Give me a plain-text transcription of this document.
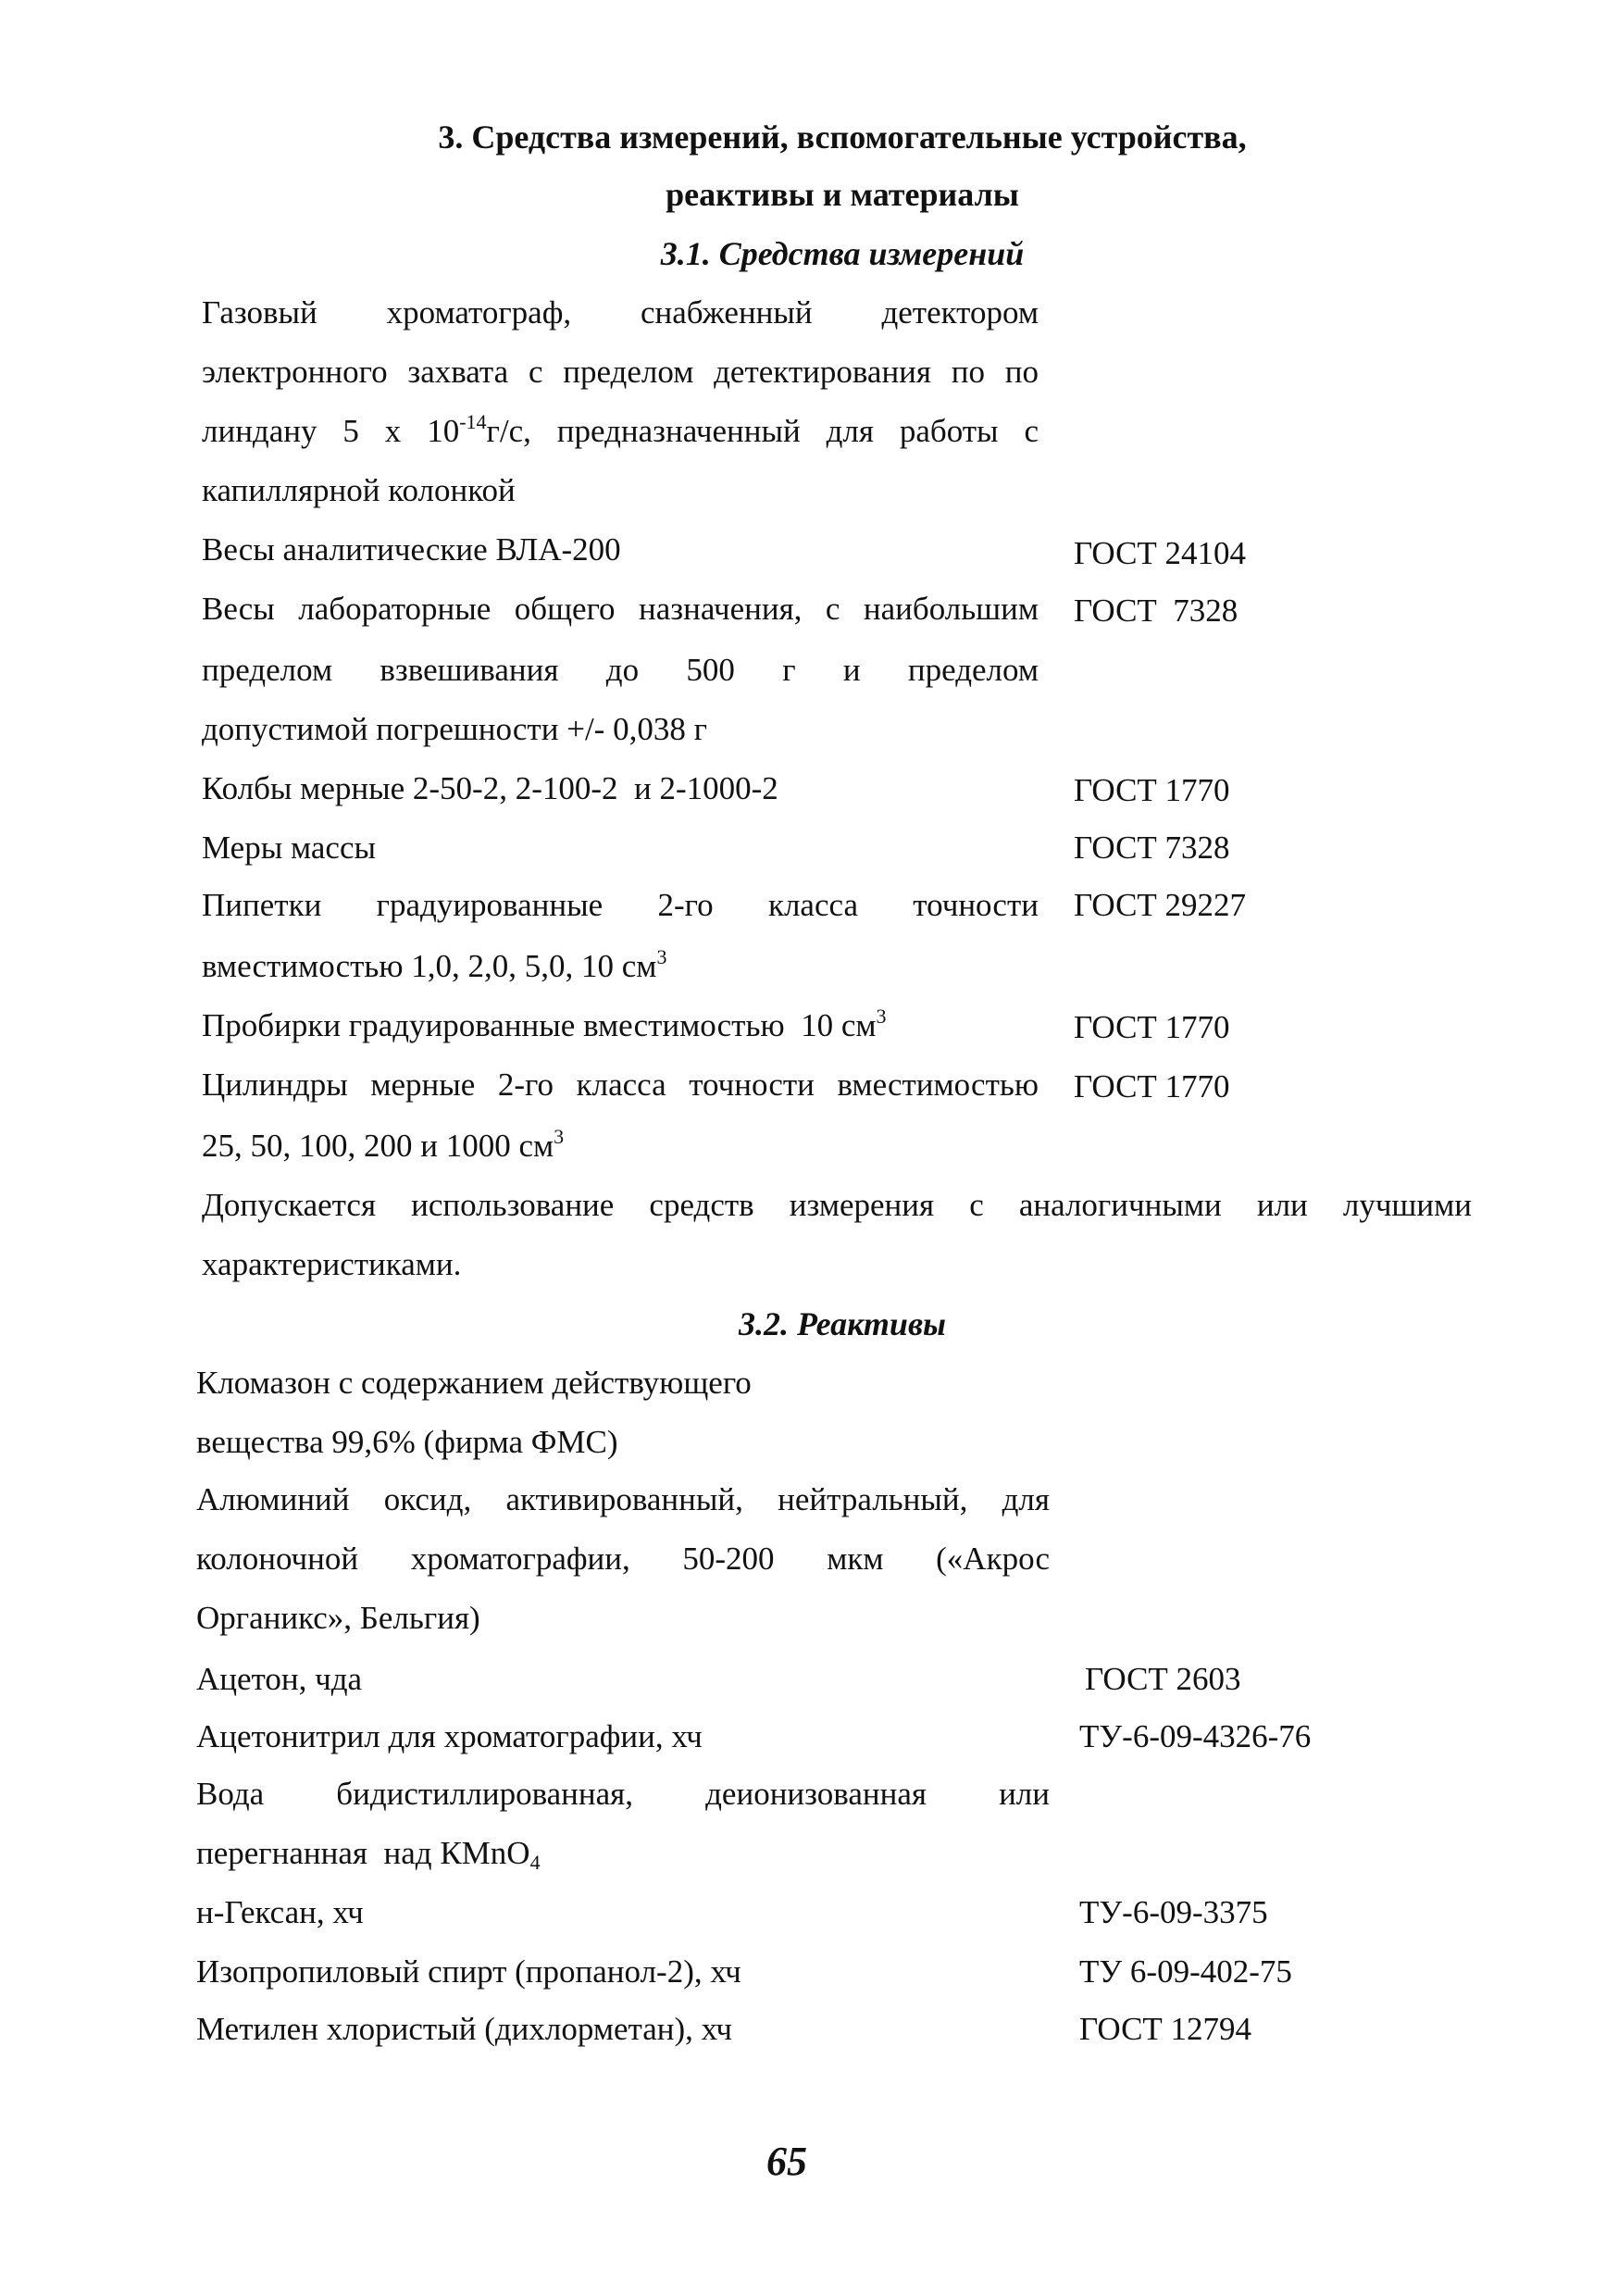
3. Средства измерений, вспомогательные устройства,
реактивы и материалы
3.1. Средства измерений
Газовый хроматограф, снабженный детектором
электронного захвата с пределом детектирования по по
линдану 5 х $10^{-14}г/с$, предназначенный для работы с
капиллярной колонкой
Весы аналитические ВЛА-200	ГОСТ 24104
Весы лабораторные общего назначения, с наибольшим ГОСТ  7328
пределом взвешивания до 500 г и пределом
допустимой погрешности +/- 0,038 г
Колбы мерные 2-50-2, 2-100-2  и 2-1000-2	ГОСТ 1770
Меры массы	ГОСТ 7328
Пипетки градуированные 2-го класса точности ГОСТ 29227
вместимостью 1,0, 2,0, 5,0, 10 $см^3$
Пробирки градуированные вместимостью  10 $см^3$	ГОСТ 1770
Цилиндры мерные 2-го класса точности вместимостью ГОСТ 1770
25, 50, 100, 200 и 1000 $см^3$
Допускается использование средств измерения с аналогичными или лучшими
характеристиками.
3.2. Реактивы
Кломазон с содержанием действующего
вещества 99,6% (фирма ФМС)
Алюминий оксид, активированный, нейтральный, для
колоночной хроматографии, 50-200 мкм («Акрос
Органикс», Бельгия)
Ацетон, чда	ГОСТ 2603
Ацетонитрил для хроматографии, хч	ТУ-6-09-4326-76
Вода бидистиллированная, деионизованная или
перегнанная  над КMnO$_4$
н-Гексан, хч	ТУ-6-09-3375
Изопропиловый спирт (пропанол-2), хч	ТУ 6-09-402-75
Метилен хлористый (дихлорметан), хч	ГОСТ 12794
65
